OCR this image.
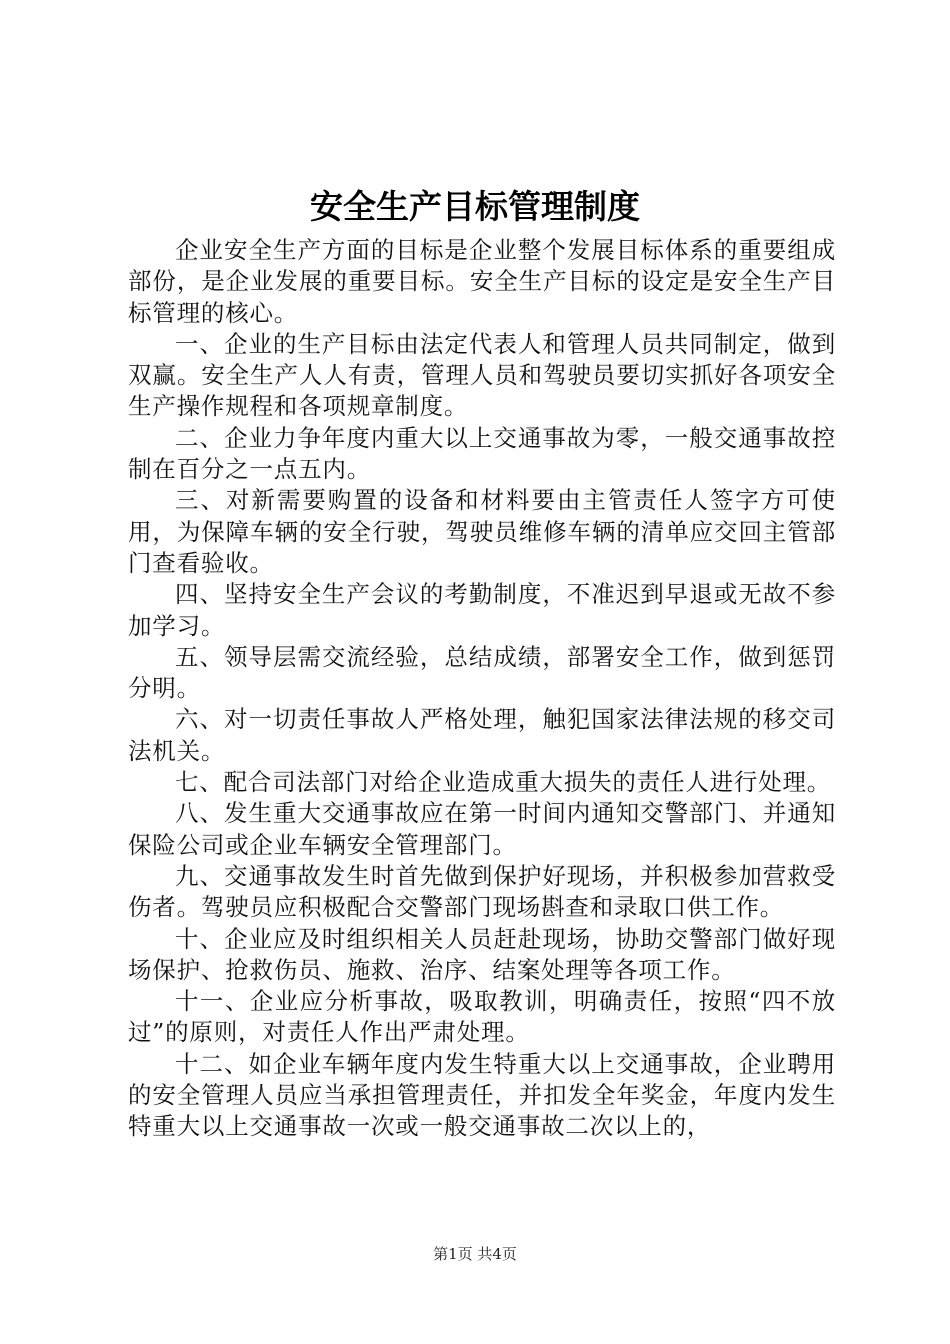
安全生产目标管理制度

企业安全生产方面的目标是企业整个发展目标体系的重要组成部份，是企业发展的重要目标。安全生产目标的设定是安全生产目标管理的核心。

一、企业的生产目标由法定代表人和管理人员共同制定，做到双赢。安全生产人人有责，管理人员和驾驶员要切实抓好各项安全生产操作规程和各项规章制度。

二、企业力争年度内重大以上交通事故为零，一般交通事故控制在百分之一点五内。

三、对新需要购置的设备和材料要由主管责任人签字方可使用，为保障车辆的安全行驶，驾驶员维修车辆的清单应交回主管部门查看验收。

四、坚持安全生产会议的考勤制度，不准迟到早退或无故不参加学习。

五、领导层需交流经验，总结成绩，部署安全工作，做到惩罚分明。

六、对一切责任事故人严格处理，触犯国家法律法规的移交司法机关。

七、配合司法部门对给企业造成重大损失的责任人进行处理。

八、发生重大交通事故应在第一时间内通知交警部门、并通知保险公司或企业车辆安全管理部门。

九、交通事故发生时首先做到保护好现场，并积极参加营救受伤者。驾驶员应积极配合交警部门现场斟查和录取口供工作。

十、企业应及时组织相关人员赶赴现场，协助交警部门做好现场保护、抢救伤员、施救、治序、结案处理等各项工作。

十一、企业应分析事故，吸取教训，明确责任，按照“四不放过”的原则，对责任人作出严肃处理。

十二、如企业车辆年度内发生特重大以上交通事故，企业聘用的安全管理人员应当承担管理责任，并扣发全年奖金，年度内发生特重大以上交通事故一次或一般交通事故二次以上的，

第1页 共4页
